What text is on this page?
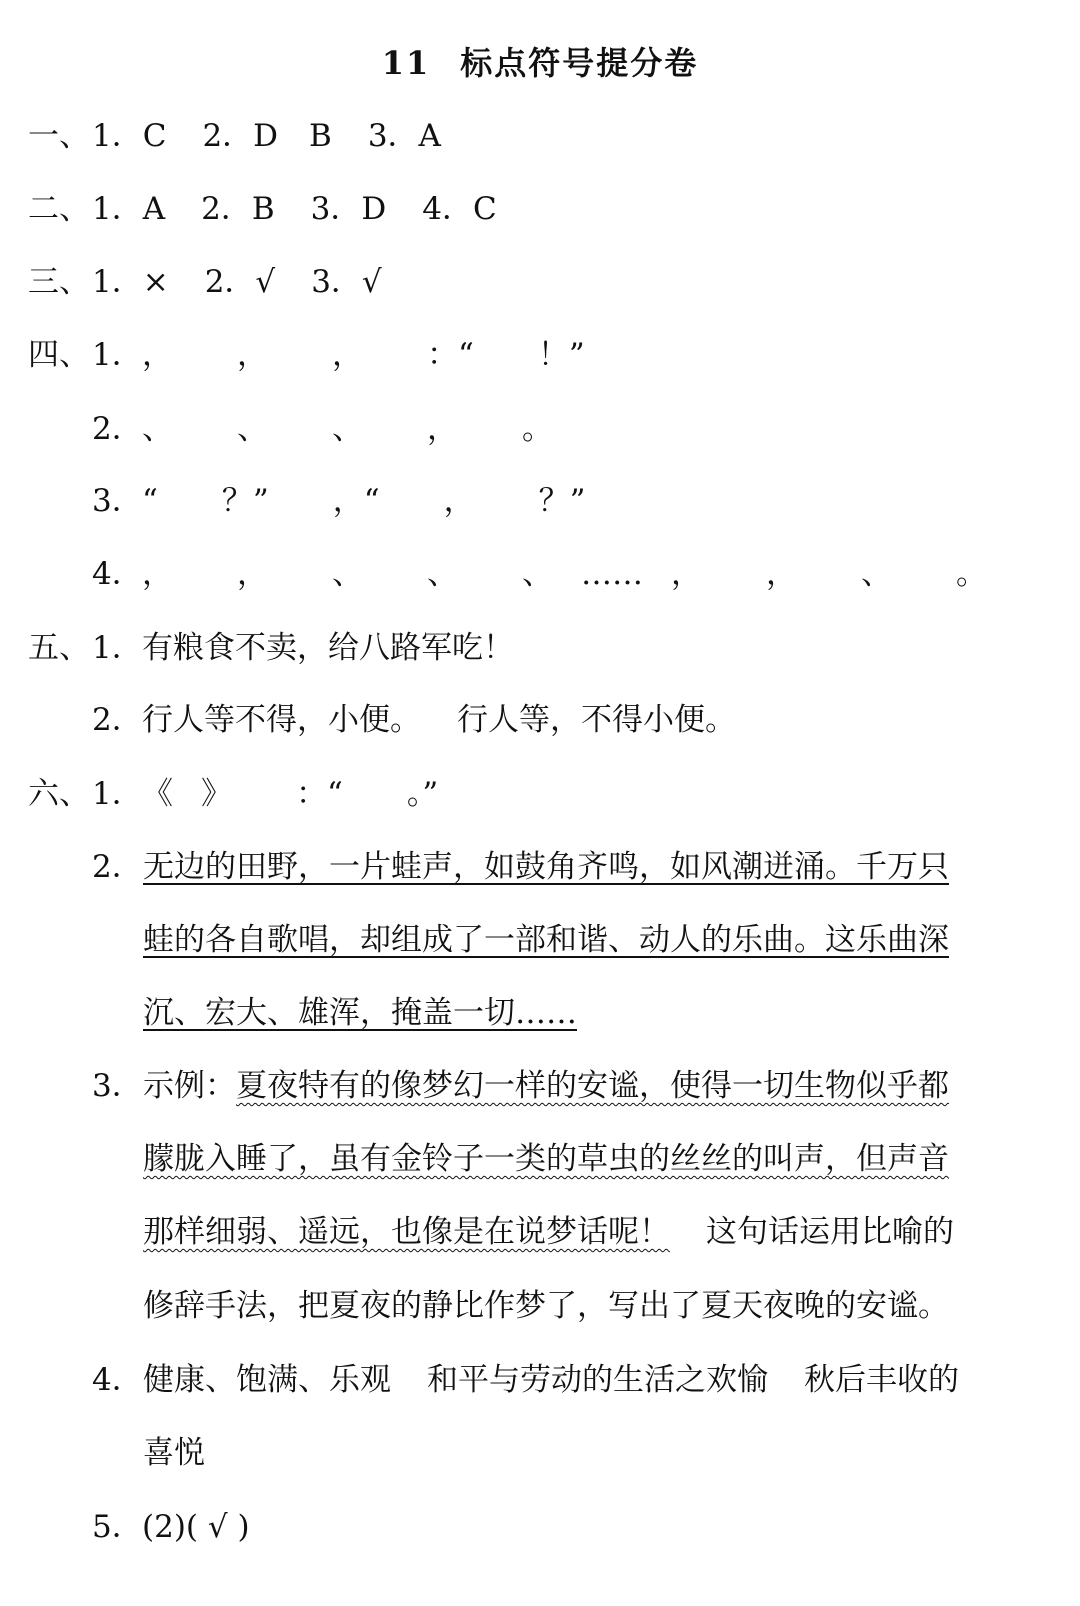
11 标点符号提分卷
一、1．C 2．D　B 3．A
二、1．A 2．B 3．D 4．C
三、1．× 2．√ 3．√
四、1．， ， ， ：“ ！”
2．、 、 、 ， 。
3．“ ？” ，“ ， ？”
4．， ， 、 、 、 …… ， ， 、 。
五、1．有粮食不卖，给八路军吃！
2．行人等不得，小便。 行人等，不得小便。
六、1．《 》 ：“ 。”
2． 无边的田野，一片蛙声，如鼓角齐鸣，如风潮迸涌。千万只
蛙的各自歌唱，却组成了一部和谐、动人的乐曲。这乐曲深
沉、宏大、雄浑，掩盖一切……
3． 示例：夏夜特有的像梦幻一样的安谧，使得一切生物似乎都
朦胧入睡了，虽有金铃子一类的草虫的丝丝的叫声，但声音
那样细弱、遥远，也像是在说梦话呢！ 这句话运用比喻的
修辞手法，把夏夜的静比作梦了，写出了夏天夜晚的安谧。
4． 健康、饱满、乐观 和平与劳动的生活之欢愉 秋后丰收的
喜悦
5．(2)( √ )
